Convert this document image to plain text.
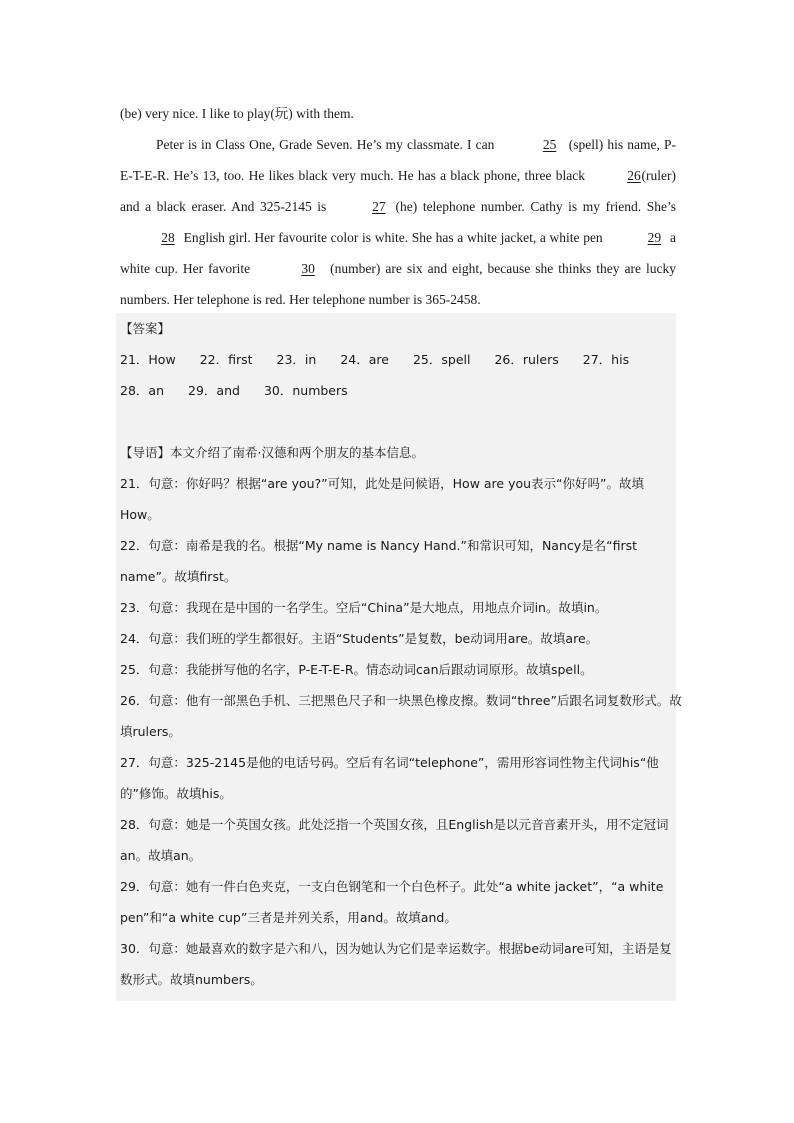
(be) very nice. I like to play(玩) with them.

Peter is in Class One, Grade Seven. He’s my classmate. I can	25 (spell) his name, P-E-T-E-R. He’s 13, too. He likes black very much. He has a black phone, three black	26 (ruler) and a black eraser. And 325-2145 is	27 (he) telephone number. Cathy is my friend. She’s 28 English girl. Her favourite color is white. She has a white jacket, a white pen	29 a white cup. Her favorite	30 (number) are six and eight, because she thinks they are lucky numbers. Her telephone is red. Her telephone number is 365-2458.

【答案】

21．How 22．first 23．in 24．are 25．spell 26．rulers 27．his

28．an 29．and 30．numbers

【导语】本文介绍了南希·汉德和两个朋友的基本信息。

21．句意：你好吗？根据“are you?”可知，此处是问候语，How are you表示“你好吗”。故填How。

22．句意：南希是我的名。根据“My name is Nancy Hand.”和常识可知，Nancy是名“first name”。故填first。

23．句意：我现在是中国的一名学生。空后“China”是大地点，用地点介词in。故填in。

24．句意：我们班的学生都很好。主语“Students”是复数，be动词用are。故填are。

25．句意：我能拼写他的名字，P-E-T-E-R。情态动词can后跟动词原形。故填spell。

26．句意：他有一部黑色手机、三把黑色尺子和一块黑色橡皮擦。数词“three”后跟名词复数形式。故填rulers。

27．句意：325-2145是他的电话号码。空后有名词“telephone”，需用形容词性物主代词his“他的”修饰。故填his。

28．句意：她是一个英国女孩。此处泛指一个英国女孩，且English是以元音音素开头，用不定冠词an。故填an。

29．句意：她有一件白色夹克，一支白色钢笔和一个白色杯子。此处“a white jacket”，“a white pen”和“a white cup”三者是并列关系，用and。故填and。

30．句意：她最喜欢的数字是六和八，因为她认为它们是幸运数字。根据be动词are可知，主语是复数形式。故填numbers。
